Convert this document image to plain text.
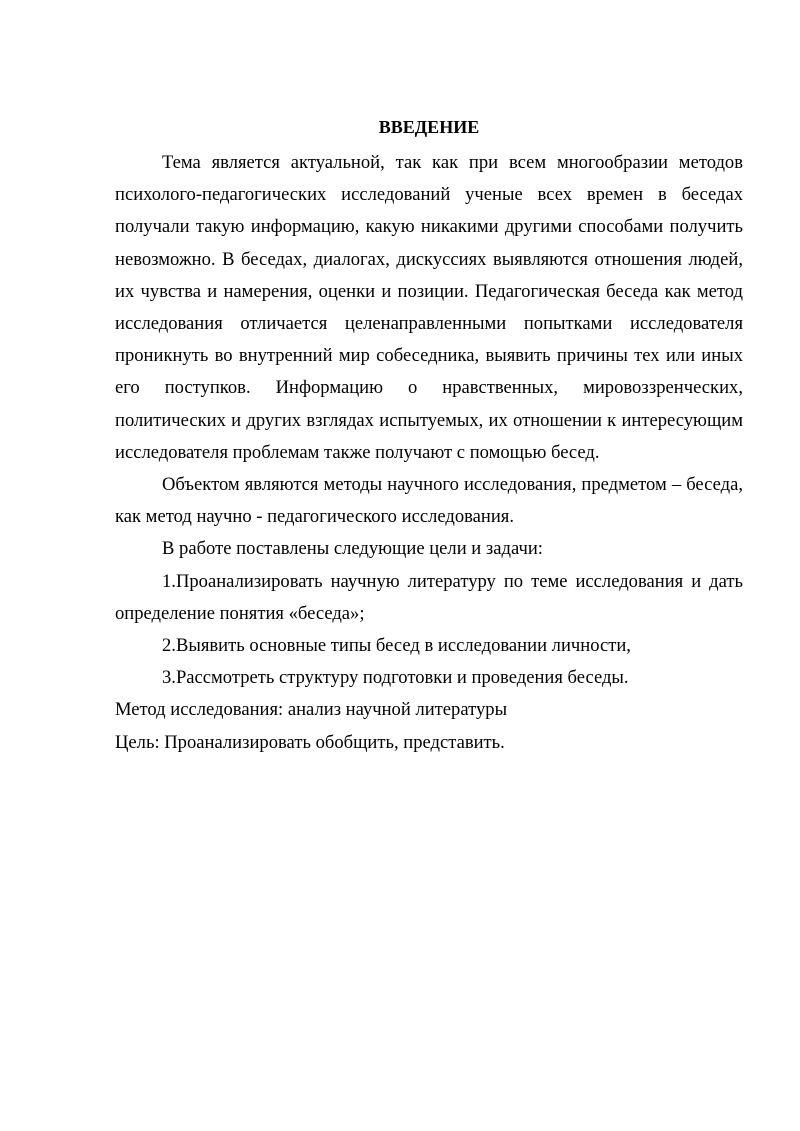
ВВЕДЕНИЕ

Тема является актуальной, так как при всем многообразии методов психолого-педагогических исследований ученые всех времен в беседах получали такую информацию, какую никакими другими способами получить невозможно. В беседах, диалогах, дискуссиях выявляются отношения людей, их чувства и намерения, оценки и позиции. Педагогическая беседа как метод исследования отличается целенаправленными попытками исследователя проникнуть во внутренний мир собеседника, выявить причины тех или иных его поступков. Информацию о нравственных, мировоззренческих, политических и других взглядах испытуемых, их отношении к интересующим исследователя проблемам также получают с помощью бесед.

Объектом являются методы научного исследования, предметом – беседа, как метод научно - педагогического исследования.

В работе поставлены следующие цели и задачи:

1.Проанализировать научную литературу по теме исследования и дать определение понятия «беседа»;

2.Выявить основные типы бесед в исследовании личности,

3.Рассмотреть структуру подготовки и проведения беседы.

Метод исследования: анализ научной литературы

Цель: Проанализировать обобщить, представить.
